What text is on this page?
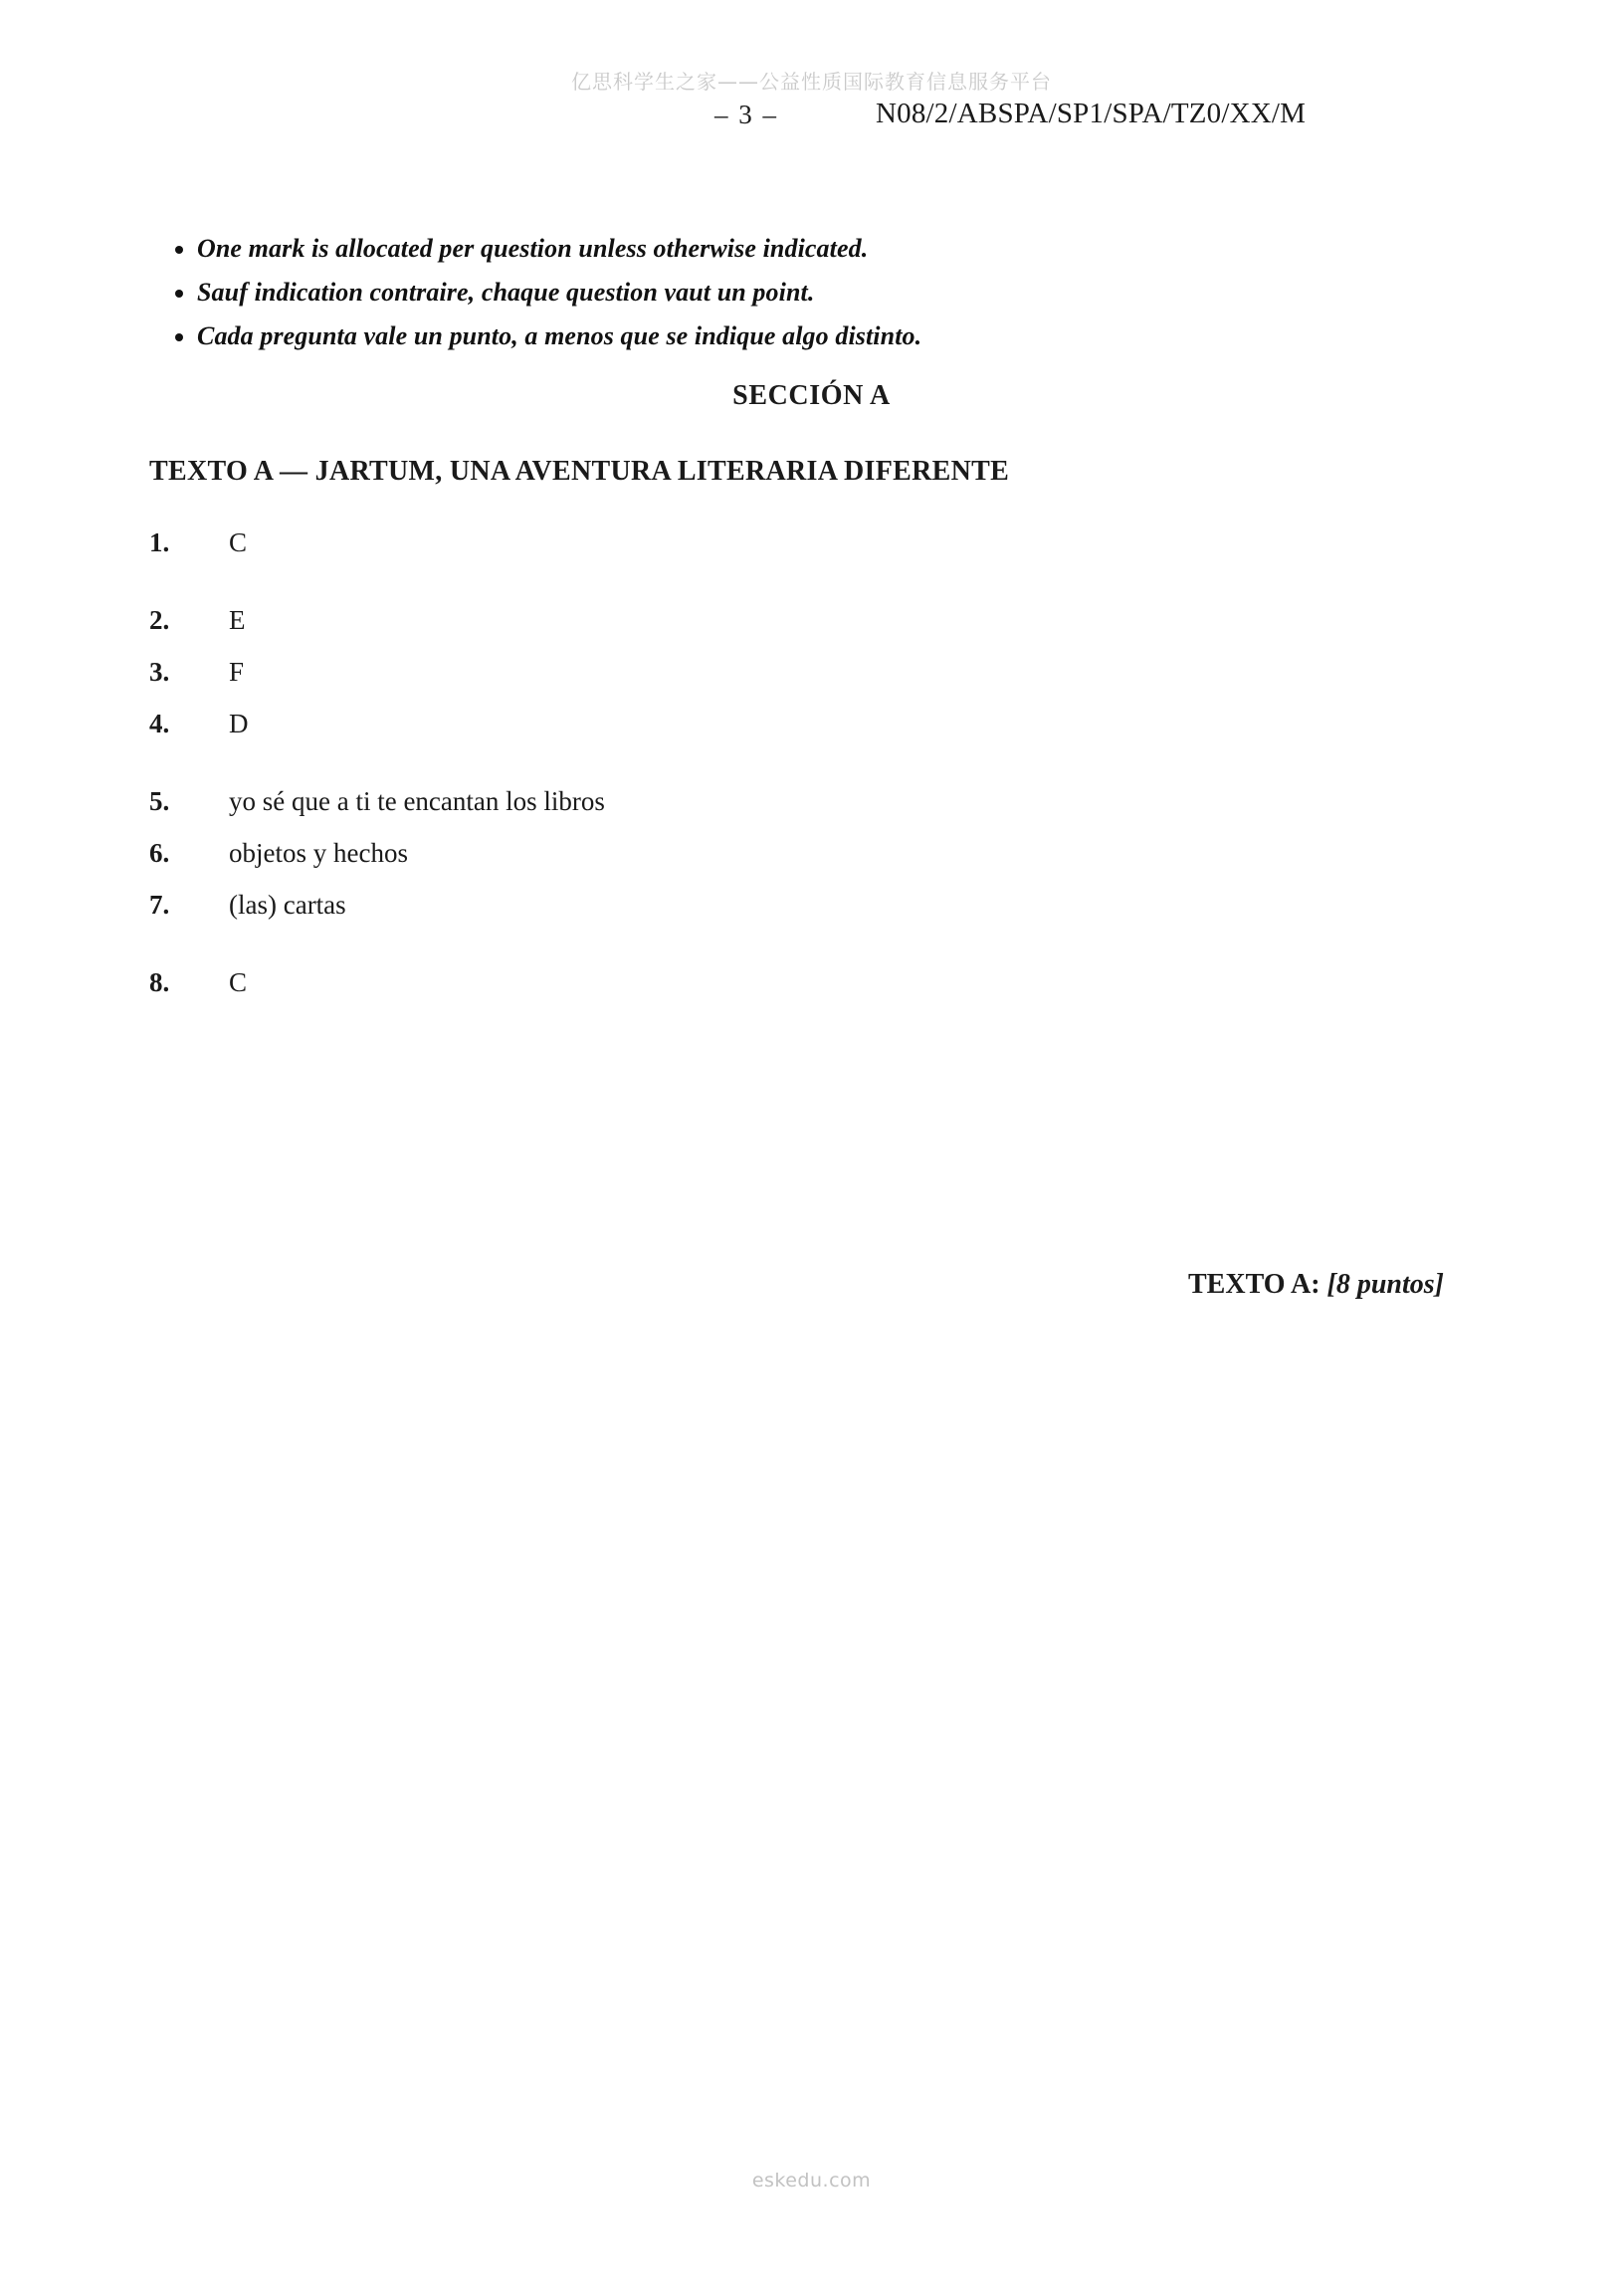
亿思科学生之家——公益性质国际教育信息服务平台
– 3 –	N08/2/ABSPA/SP1/SPA/TZ0/XX/M
• One mark is allocated per question unless otherwise indicated.
• Sauf indication contraire, chaque question vaut un point.
• Cada pregunta vale un punto, a menos que se indique algo distinto.
SECCIÓN A
TEXTO A — JARTUM, UNA AVENTURA LITERARIA DIFERENTE
1. C
2. E
3. F
4. D
5. yo sé que a ti te encantan los libros
6. objetos y hechos
7. (las) cartas
8. C
TEXTO A: [8 puntos]
eskedu.com
